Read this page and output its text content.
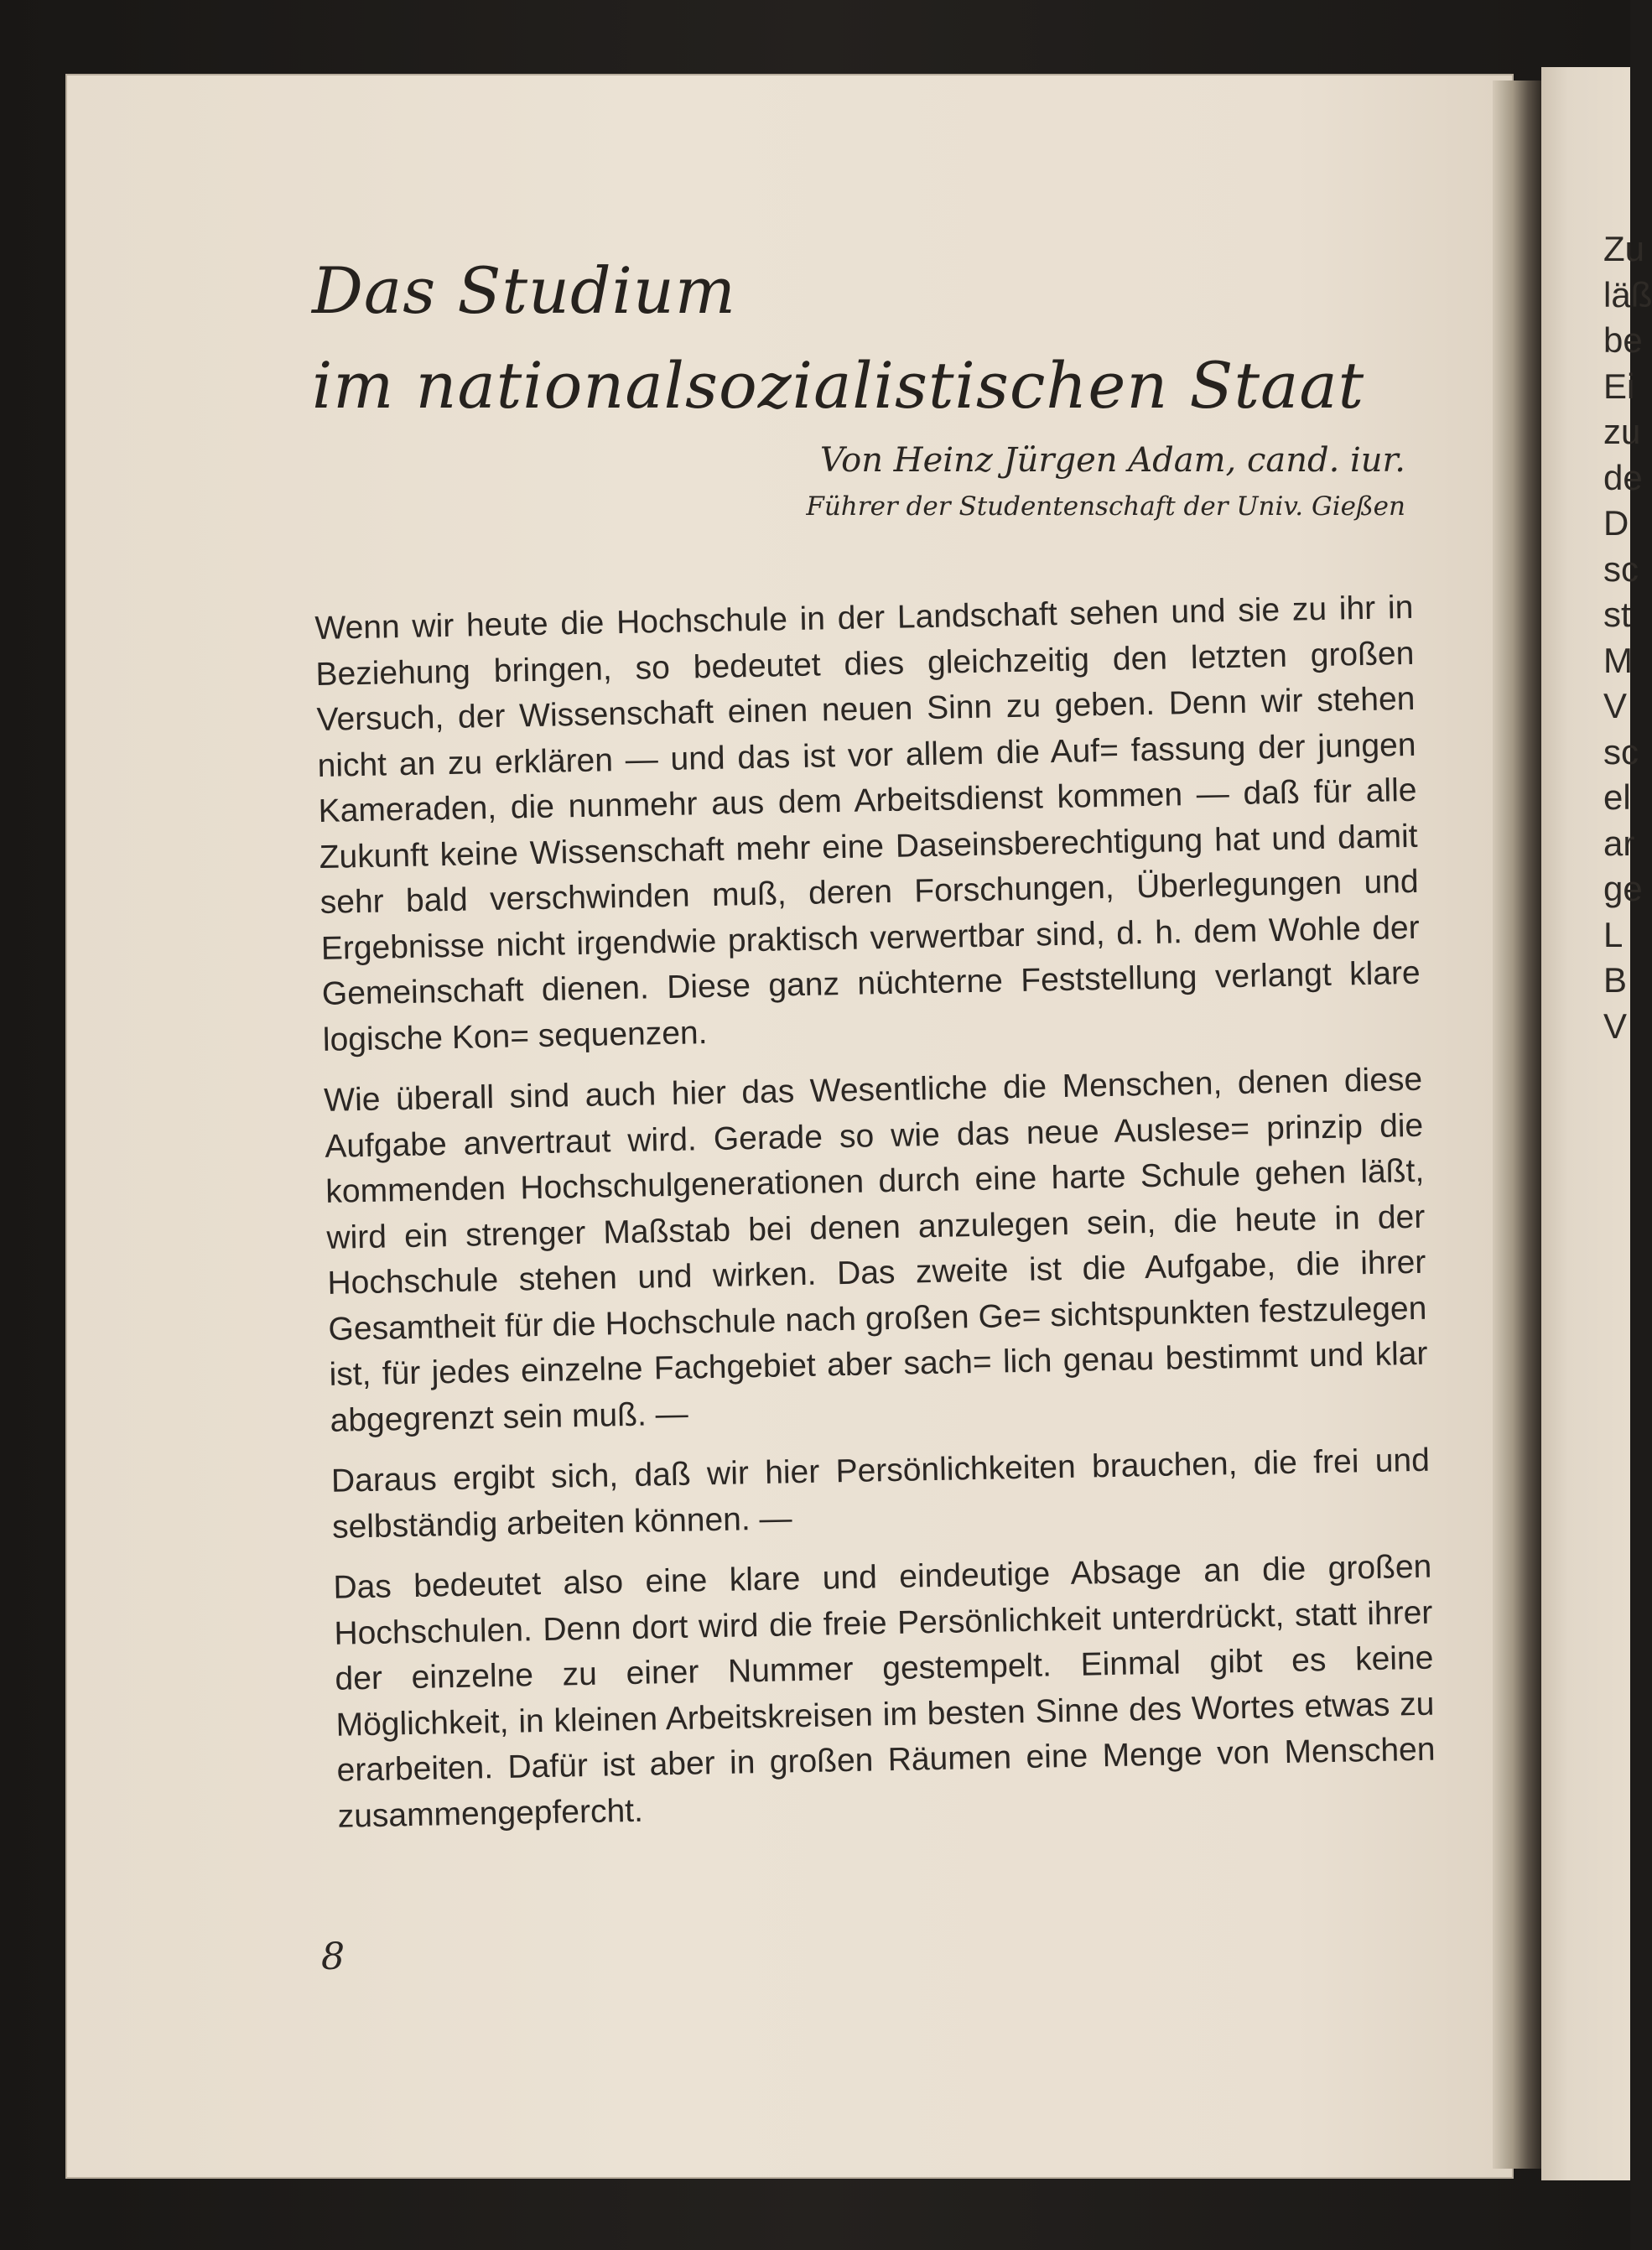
Das Studium
im nationalsozialistischen Staat
Von Heinz Jürgen Adam, cand. iur.
Führer der Studentenschaft der Univ. Gießen

Wenn wir heute die Hochschule in der Landschaft sehen und sie zu ihr in Beziehung bringen, so bedeutet dies gleichzeitig den letzten großen Versuch, der Wissenschaft einen neuen Sinn zu geben. Denn wir stehen nicht an zu erklären — und das ist vor allem die Auf= fassung der jungen Kameraden, die nunmehr aus dem Arbeitsdienst kommen — daß für alle Zukunft keine Wissenschaft mehr eine Daseinsberechtigung hat und damit sehr bald verschwinden muß, deren Forschungen, Überlegungen und Ergebnisse nicht irgendwie praktisch verwertbar sind, d. h. dem Wohle der Gemeinschaft dienen. Diese ganz nüchterne Feststellung verlangt klare logische Kon= sequenzen.

Wie überall sind auch hier das Wesentliche die Menschen, denen diese Aufgabe anvertraut wird. Gerade so wie das neue Auslese= prinzip die kommenden Hochschulgenerationen durch eine harte Schule gehen läßt, wird ein strenger Maßstab bei denen anzulegen sein, die heute in der Hochschule stehen und wirken. Das zweite ist die Aufgabe, die ihrer Gesamtheit für die Hochschule nach großen Ge= sichtspunkten festzulegen ist, für jedes einzelne Fachgebiet aber sach= lich genau bestimmt und klar abgegrenzt sein muß. —

Daraus ergibt sich, daß wir hier Persönlichkeiten brauchen, die frei und selbständig arbeiten können. —

Das bedeutet also eine klare und eindeutige Absage an die großen Hochschulen. Denn dort wird die freie Persönlichkeit unterdrückt, statt ihrer der einzelne zu einer Nummer gestempelt. Einmal gibt es keine Möglichkeit, in kleinen Arbeitskreisen im besten Sinne des Wortes etwas zu erarbeiten. Dafür ist aber in großen Räumen eine Menge von Menschen zusammengepfercht.

8
Zu
läß
be
Ei
zu
de
D
sc
st
M
V
sc
el
ar
ge
L
B
V
